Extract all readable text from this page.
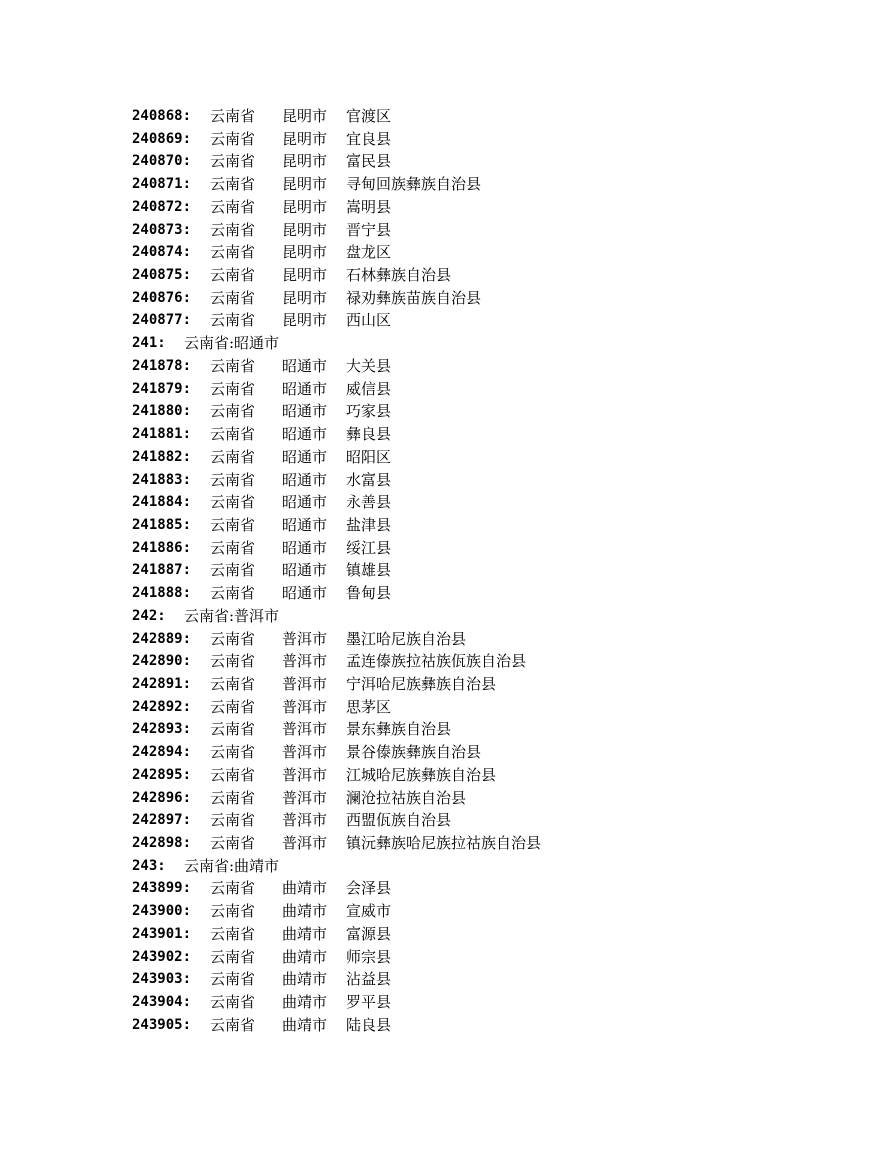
240868: 云南省 昆明市 官渡区
240869: 云南省 昆明市 宜良县
240870: 云南省 昆明市 富民县
240871: 云南省 昆明市 寻甸回族彝族自治县
240872: 云南省 昆明市 嵩明县
240873: 云南省 昆明市 晋宁县
240874: 云南省 昆明市 盘龙区
240875: 云南省 昆明市 石林彝族自治县
240876: 云南省 昆明市 禄劝彝族苗族自治县
240877: 云南省 昆明市 西山区
241: 云南省:昭通市
241878: 云南省 昭通市 大关县
241879: 云南省 昭通市 威信县
241880: 云南省 昭通市 巧家县
241881: 云南省 昭通市 彝良县
241882: 云南省 昭通市 昭阳区
241883: 云南省 昭通市 水富县
241884: 云南省 昭通市 永善县
241885: 云南省 昭通市 盐津县
241886: 云南省 昭通市 绥江县
241887: 云南省 昭通市 镇雄县
241888: 云南省 昭通市 鲁甸县
242: 云南省:普洱市
242889: 云南省 普洱市 墨江哈尼族自治县
242890: 云南省 普洱市 孟连傣族拉祜族佤族自治县
242891: 云南省 普洱市 宁洱哈尼族彝族自治县
242892: 云南省 普洱市 思茅区
242893: 云南省 普洱市 景东彝族自治县
242894: 云南省 普洱市 景谷傣族彝族自治县
242895: 云南省 普洱市 江城哈尼族彝族自治县
242896: 云南省 普洱市 澜沧拉祜族自治县
242897: 云南省 普洱市 西盟佤族自治县
242898: 云南省 普洱市 镇沅彝族哈尼族拉祜族自治县
243: 云南省:曲靖市
243899: 云南省 曲靖市 会泽县
243900: 云南省 曲靖市 宣威市
243901: 云南省 曲靖市 富源县
243902: 云南省 曲靖市 师宗县
243903: 云南省 曲靖市 沾益县
243904: 云南省 曲靖市 罗平县
243905: 云南省 曲靖市 陆良县
